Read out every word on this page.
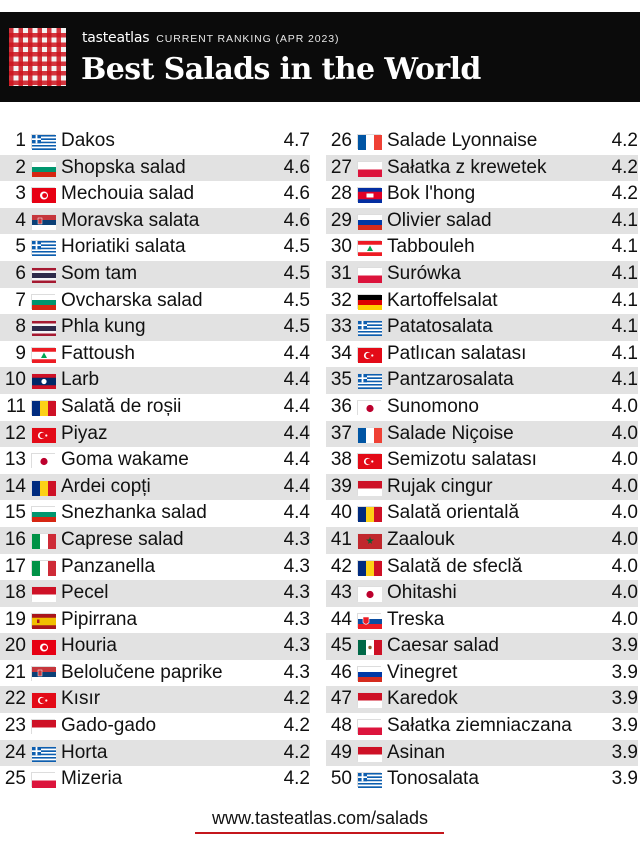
tasteatlas CURRENT RANKING (APR 2023)
Best Salads in the World
1 Dakos	4.7
2 Shopska salad	4.6
3 Mechouia salad	4.6
4 Moravska salata	4.6
5 Horiatiki salata	4.5
6 Som tam	4.5
7 Ovcharska salad	4.5
8 Phla kung	4.5
9 Fattoush	4.4
10 Larb	4.4
11 Salată de roșii	4.4
12 Piyaz	4.4
13 Goma wakame	4.4
14 Ardei copți	4.4
15 Snezhanka salad	4.4
16 Caprese salad	4.3
17 Panzanella	4.3
18 Pecel	4.3
19 Pipirrana	4.3
20 Houria	4.3
21 Belolučene paprike	4.3
22 Kısır	4.2
23 Gado-gado	4.2
24 Horta	4.2
25 Mizeria	4.2
26 Salade Lyonnaise	4.2
27 Sałatka z krewetek	4.2
28 Bok l'hong	4.2
29 Olivier salad	4.1
30 Tabbouleh	4.1
31 Surówka	4.1
32 Kartoffelsalat	4.1
33 Patatosalata	4.1
34 Patlıcan salatası	4.1
35 Pantzarosalata	4.1
36 Sunomono	4.0
37 Salade Niçoise	4.0
38 Semizotu salatası	4.0
39 Rujak cingur	4.0
40 Salată orientală	4.0
41 Zaalouk	4.0
42 Salată de sfeclă	4.0
43 Ohitashi	4.0
44 Treska	4.0
45 Caesar salad	3.9
46 Vinegret	3.9
47 Karedok	3.9
48 Sałatka ziemniaczana 3.9
49 Asinan	3.9
50 Tonosalata	3.9
www.tasteatlas.com/salads
